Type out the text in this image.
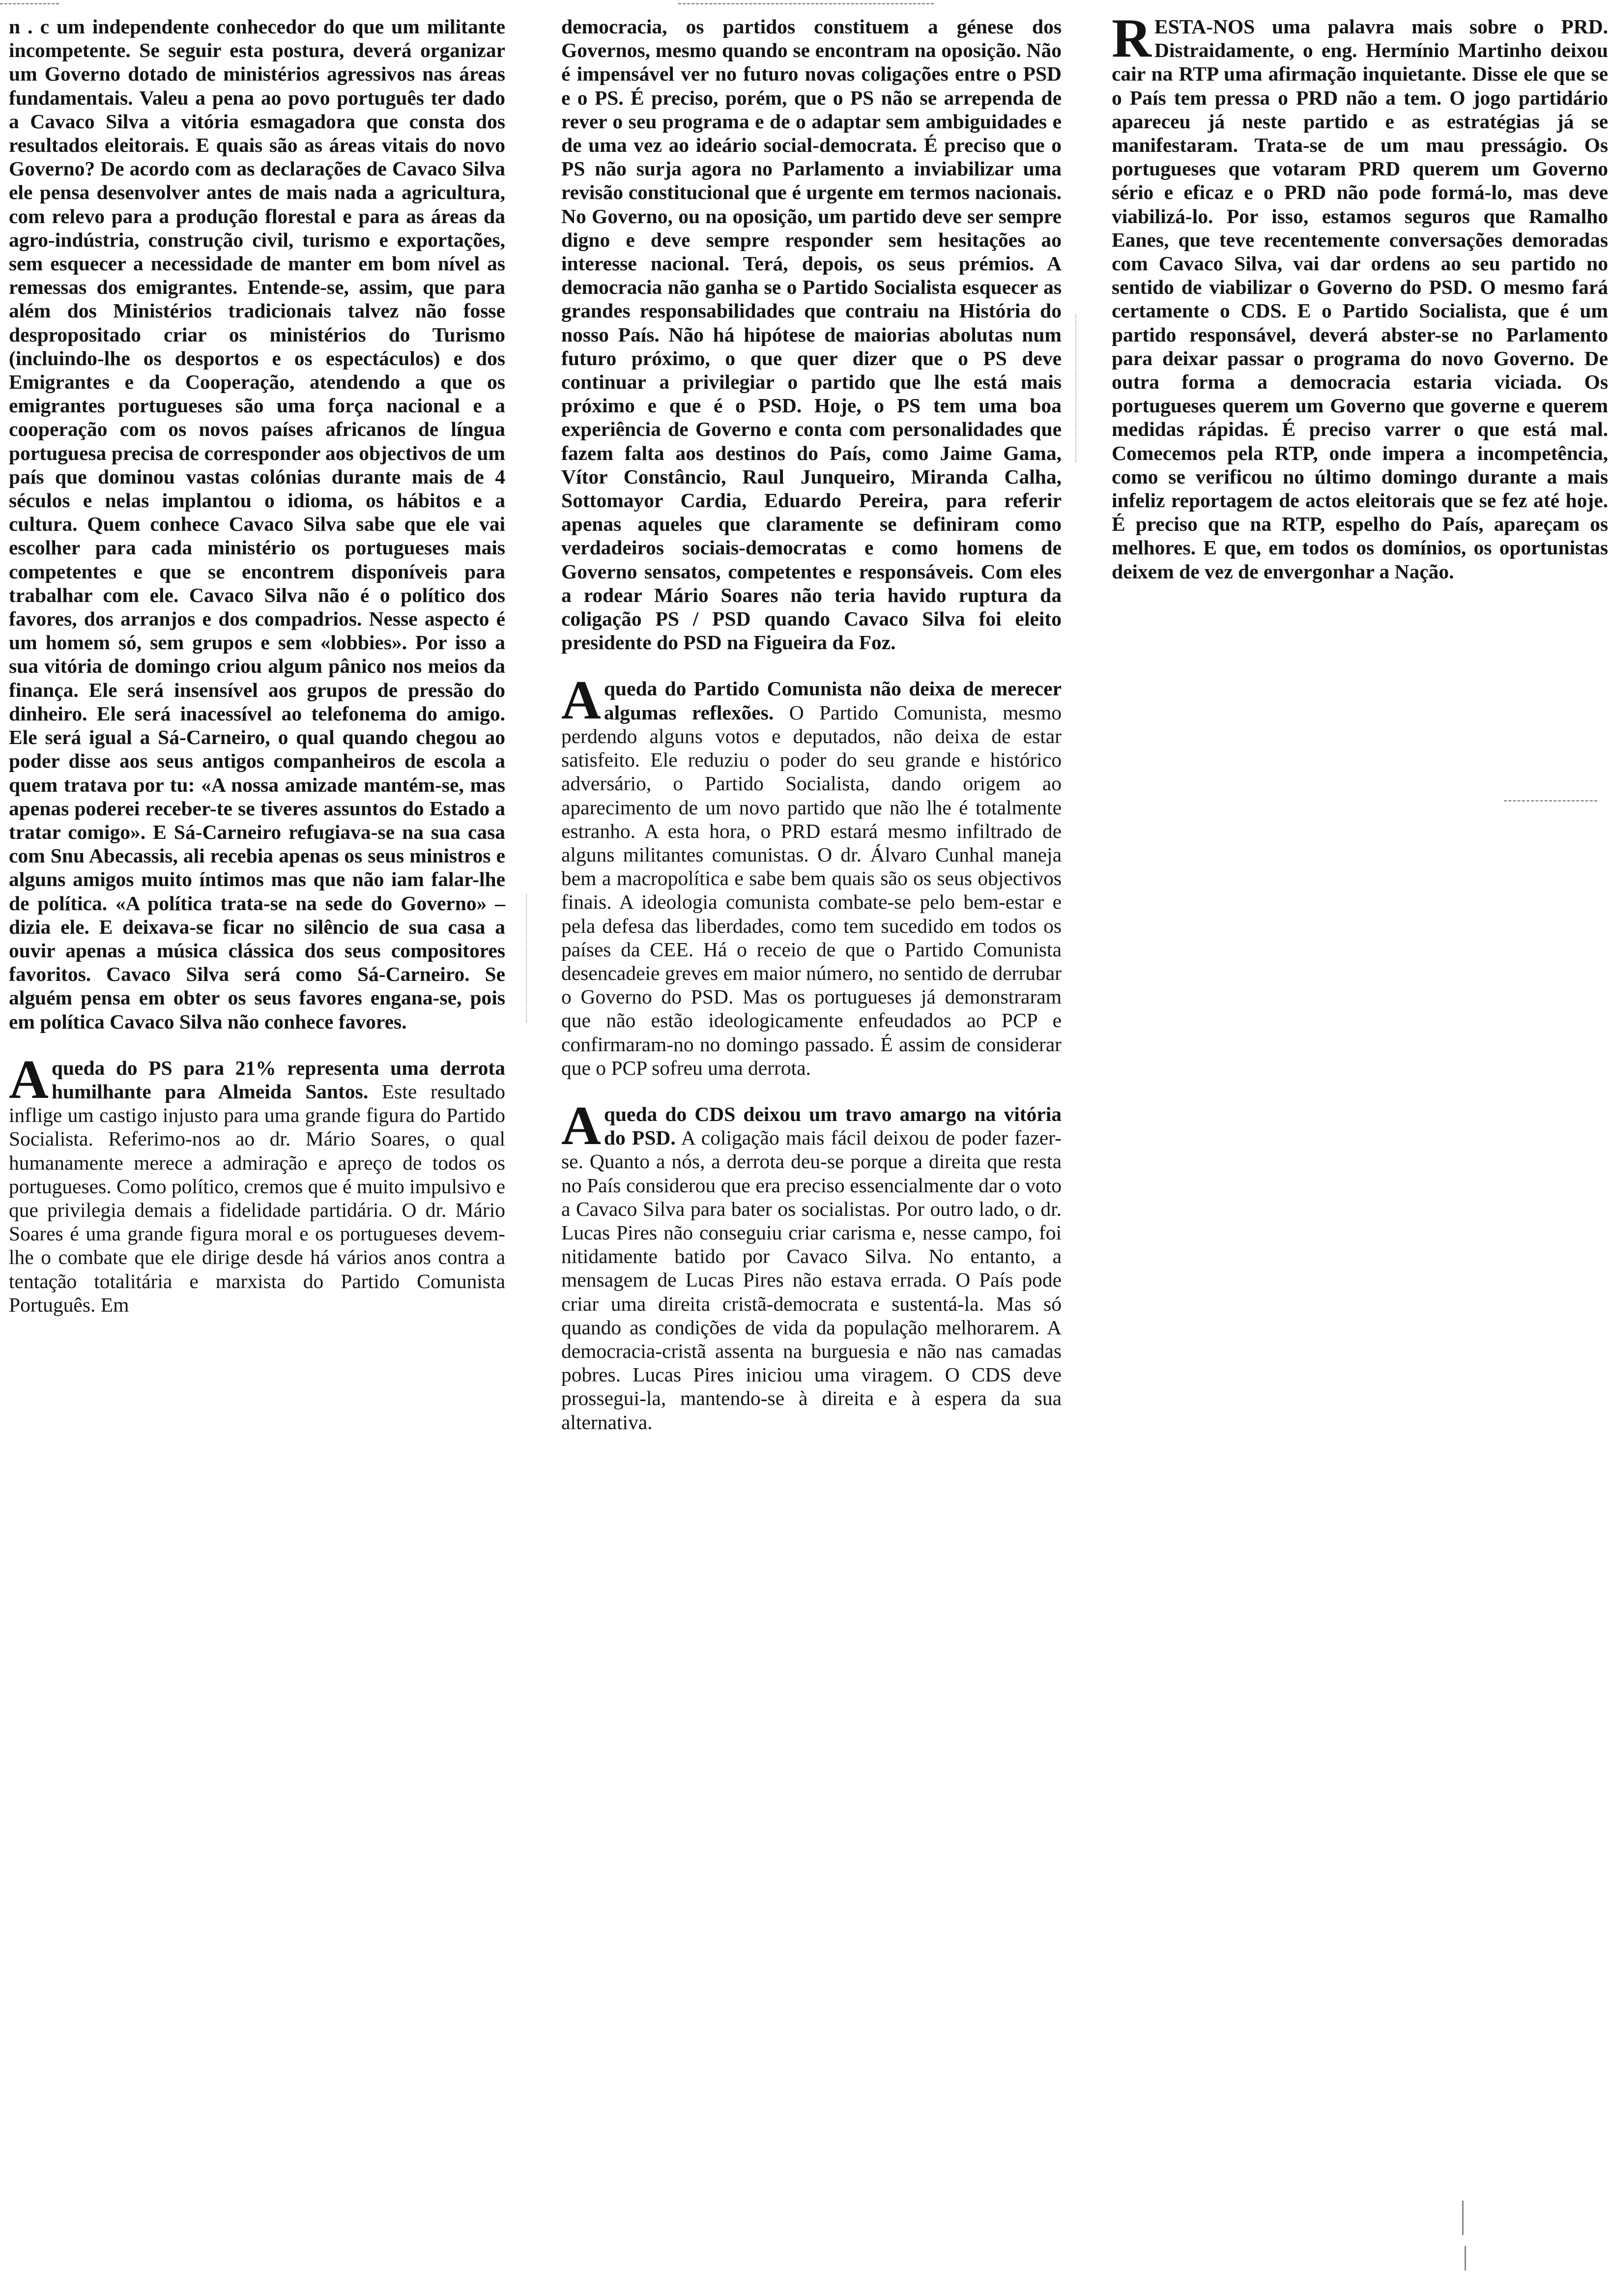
n . c um independente conhecedor do que um militante incompetente. Se seguir esta postura, deverá organizar um Governo dotado de ministérios agressivos nas áreas fundamentais. Valeu a pena ao povo português ter dado a Cavaco Silva a vitória esmagadora que consta dos resultados eleitorais. E quais são as áreas vitais do novo Governo? De acordo com as declarações de Cavaco Silva ele pensa desenvolver antes de mais nada a agricultura, com relevo para a produção florestal e para as áreas da agro-indústria, construção civil, turismo e exportações, sem esquecer a necessidade de manter em bom nível as remessas dos emigrantes. Entende-se, assim, que para além dos Ministérios tradicionais talvez não fosse despropositado criar os ministérios do Turismo (incluindo-lhe os desportos e os espectáculos) e dos Emigrantes e da Cooperação, atendendo a que os emigrantes portugueses são uma força nacional e a cooperação com os novos países africanos de língua portuguesa precisa de corresponder aos objectivos de um país que dominou vastas colónias durante mais de 4 séculos e nelas implantou o idioma, os hábitos e a cultura. Quem conhece Cavaco Silva sabe que ele vai escolher para cada ministério os portugueses mais competentes e que se encontrem disponíveis para trabalhar com ele. Cavaco Silva não é o político dos favores, dos arranjos e dos compadrios. Nesse aspecto é um homem só, sem grupos e sem «lobbies». Por isso a sua vitória de domingo criou algum pânico nos meios da finança. Ele será insensível aos grupos de pressão do dinheiro. Ele será inacessível ao telefonema do amigo. Ele será igual a Sá-Carneiro, o qual quando chegou ao poder disse aos seus antigos companheiros de escola a quem tratava por tu: «A nossa amizade mantém-se, mas apenas poderei receber-te se tiveres assuntos do Estado a tratar comigo». E Sá-Carneiro refugiava-se na sua casa com Snu Abecassis, ali recebia apenas os seus ministros e alguns amigos muito íntimos mas que não iam falar-lhe de política. «A política trata-se na sede do Governo» – dizia ele. E deixava-se ficar no silêncio de sua casa a ouvir apenas a música clássica dos seus compositores favoritos. Cavaco Silva será como Sá-Carneiro. Se alguém pensa em obter os seus favores engana-se, pois em política Cavaco Silva não conhece favores.

Aqueda do PS para 21% representa uma derrota humilhante para Almeida Santos. Este resultado inflige um castigo injusto para uma grande figura do Partido Socialista. Referimo-nos ao dr. Mário Soares, o qual humanamente merece a admiração e apreço de todos os portugueses. Como político, cremos que é muito impulsivo e que privilegia demais a fidelidade partidária. O dr. Mário Soares é uma grande figura moral e os portugueses devem-lhe o combate que ele dirige desde há vários anos contra a tentação totalitária e marxista do Partido Comunista Português. Em

democracia, os partidos constituem a génese dos Governos, mesmo quando se encontram na oposição. Não é impensável ver no futuro novas coligações entre o PSD e o PS. É preciso, porém, que o PS não se arrependa de rever o seu programa e de o adaptar sem ambiguidades e de uma vez ao ideário social-democrata. É preciso que o PS não surja agora no Parlamento a inviabilizar uma revisão constitucional que é urgente em termos nacionais. No Governo, ou na oposição, um partido deve ser sempre digno e deve sempre responder sem hesitações ao interesse nacional. Terá, depois, os seus prémios. A democracia não ganha se o Partido Socialista esquecer as grandes responsabilidades que contraiu na História do nosso País. Não há hipótese de maiorias abolutas num futuro próximo, o que quer dizer que o PS deve continuar a privilegiar o partido que lhe está mais próximo e que é o PSD. Hoje, o PS tem uma boa experiência de Governo e conta com personalidades que fazem falta aos destinos do País, como Jaime Gama, Vítor Constâncio, Raul Junqueiro, Miranda Calha, Sottomayor Cardia, Eduardo Pereira, para referir apenas aqueles que claramente se definiram como verdadeiros sociais-democratas e como homens de Governo sensatos, competentes e responsáveis. Com eles a rodear Mário Soares não teria havido ruptura da coligação PS / PSD quando Cavaco Silva foi eleito presidente do PSD na Figueira da Foz.

Aqueda do Partido Comunista não deixa de merecer algumas reflexões. O Partido Comunista, mesmo perdendo alguns votos e deputados, não deixa de estar satisfeito. Ele reduziu o poder do seu grande e histórico adversário, o Partido Socialista, dando origem ao aparecimento de um novo partido que não lhe é totalmente estranho. A esta hora, o PRD estará mesmo infiltrado de alguns militantes comunistas. O dr. Álvaro Cunhal maneja bem a macropolítica e sabe bem quais são os seus objectivos finais. A ideologia comunista combate-se pelo bem-estar e pela defesa das liberdades, como tem sucedido em todos os países da CEE. Há o receio de que o Partido Comunista desencadeie greves em maior número, no sentido de derrubar o Governo do PSD. Mas os portugueses já demonstraram que não estão ideologicamente enfeudados ao PCP e confirmaram-no no domingo passado. É assim de considerar que o PCP sofreu uma derrota.

Aqueda do CDS deixou um travo amargo na vitória do PSD. A coligação mais fácil deixou de poder fazer-se. Quanto a nós, a derrota deu-se porque a direita que resta no País considerou que era preciso essencialmente dar o voto a Cavaco Silva para bater os socialistas. Por outro lado, o dr. Lucas Pires não conseguiu criar carisma e, nesse campo, foi nitidamente batido por Cavaco Silva. No entanto, a mensagem de Lucas Pires não estava errada. O País pode criar uma direita cristã-democrata e sustentá-la. Mas só quando as condições de vida da população melhorarem. A democracia-cristã assenta na burguesia e não nas camadas pobres. Lucas Pires iniciou uma viragem. O CDS deve prossegui-la, mantendo-se à direita e à espera da sua alternativa.

RESTA-NOS uma palavra mais sobre o PRD. Distraidamente, o eng. Hermínio Martinho deixou cair na RTP uma afirmação inquietante. Disse ele que se o País tem pressa o PRD não a tem. O jogo partidário apareceu já neste partido e as estratégias já se manifestaram. Trata-se de um mau presságio. Os portugueses que votaram PRD querem um Governo sério e eficaz e o PRD não pode formá-lo, mas deve viabilizá-lo. Por isso, estamos seguros que Ramalho Eanes, que teve recentemente conversações demoradas com Cavaco Silva, vai dar ordens ao seu partido no sentido de viabilizar o Governo do PSD. O mesmo fará certamente o CDS. E o Partido Socialista, que é um partido responsável, deverá abster-se no Parlamento para deixar passar o programa do novo Governo. De outra forma a democracia estaria viciada. Os portugueses querem um Governo que governe e querem medidas rápidas. É preciso varrer o que está mal. Comecemos pela RTP, onde impera a incompetência, como se verificou no último domingo durante a mais infeliz reportagem de actos eleitorais que se fez até hoje. É preciso que na RTP, espelho do País, apareçam os melhores. E que, em todos os domínios, os oportunistas deixem de vez de envergonhar a Nação.
